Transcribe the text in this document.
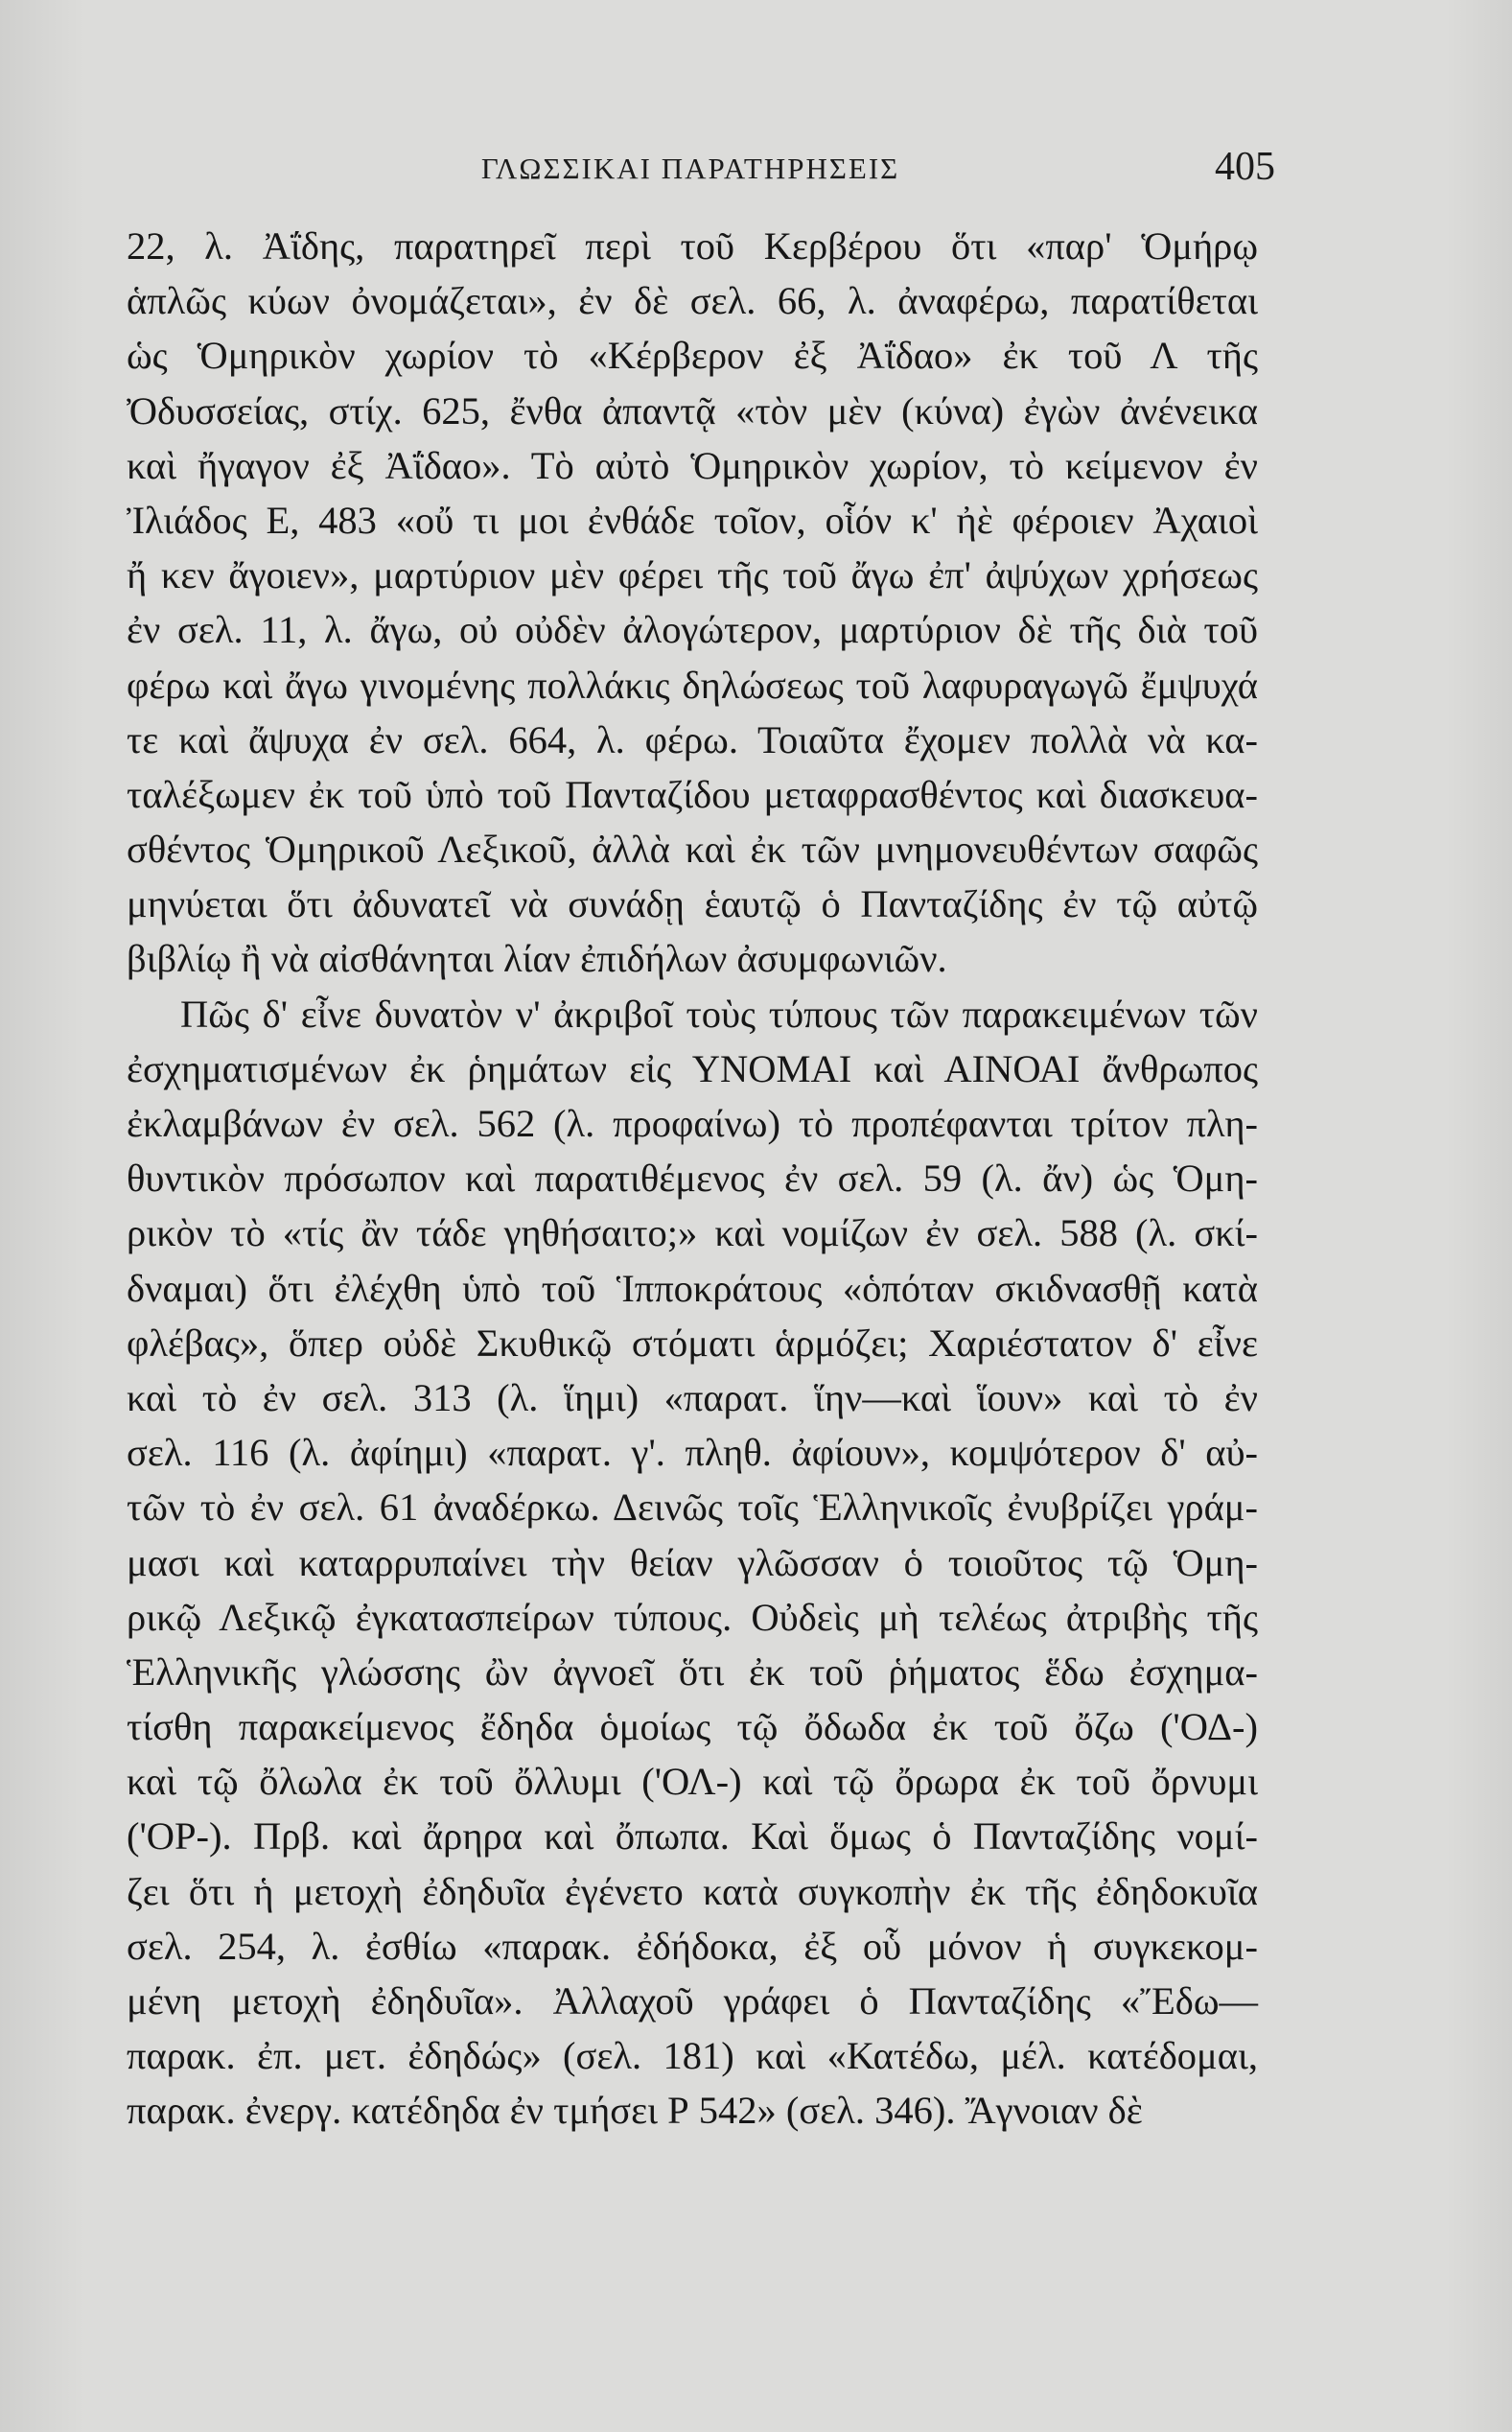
ΓΛΩΣΣΙΚΑΙ ΠΑΡΑΤΗΡΗΣΕΙΣ	405
22, λ. Ἀΐδης, παρατηρεῖ περὶ τοῦ Κερβέρου ὅτι «παρ' Ὁμήρῳ
ἁπλῶς κύων ὀνομάζεται», ἐν δὲ σελ. 66, λ. ἀναφέρω, παρατίθεται
ὡς Ὁμηρικὸν χωρίον τὸ «Κέρβερον ἐξ Ἀΐδαο» ἐκ τοῦ Λ τῆς
Ὀδυσσείας, στίχ. 625, ἔνθα ἀπαντᾷ «τὸν μὲν (κύνα) ἐγὼν ἀνένεικα
καὶ ἤγαγον ἐξ Ἀΐδαο». Τὸ αὐτὸ Ὁμηρικὸν χωρίον, τὸ κείμενον ἐν
Ἰλιάδος Ε, 483 «οὔ τι μοι ἐνθάδε τοῖον, οἷόν κ' ἠὲ φέροιεν Ἀχαιοὶ
ἤ κεν ἄγοιεν», μαρτύριον μὲν φέρει τῆς τοῦ ἄγω ἐπ' ἀψύχων χρήσεως
ἐν σελ. 11, λ. ἄγω, οὐ οὐδὲν ἀλογώτερον, μαρτύριον δὲ τῆς διὰ τοῦ
φέρω καὶ ἄγω γινομένης πολλάκις δηλώσεως τοῦ λαφυραγωγῶ ἔμψυχά
τε καὶ ἄψυχα ἐν σελ. 664, λ. φέρω. Τοιαῦτα ἔχομεν πολλὰ νὰ κα-
ταλέξωμεν ἐκ τοῦ ὑπὸ τοῦ Πανταζίδου μεταφρασθέντος καὶ διασκευα-
σθέντος Ὁμηρικοῦ Λεξικοῦ, ἀλλὰ καὶ ἐκ τῶν μνημονευθέντων σαφῶς
μηνύεται ὅτι ἀδυνατεῖ νὰ συνάδῃ ἑαυτῷ ὁ Πανταζίδης ἐν τῷ αὐτῷ
βιβλίῳ ἢ νὰ αἰσθάνηται λίαν ἐπιδήλων ἀσυμφωνιῶν.
Πῶς δ' εἶνε δυνατὸν ν' ἀκριβοῖ τοὺς τύπους τῶν παρακειμένων τῶν
ἐσχηματισμένων ἐκ ῥημάτων εἰς ΥΝΟΜΑΙ καὶ ΑΙΝΟΑΙ ἄνθρωπος
ἐκλαμβάνων ἐν σελ. 562 (λ. προφαίνω) τὸ προπέφανται τρίτον πλη-
θυντικὸν πρόσωπον καὶ παρατιθέμενος ἐν σελ. 59 (λ. ἄν) ὡς Ὁμη-
ρικὸν τὸ «τίς ἂν τάδε γηθήσαιτο;» καὶ νομίζων ἐν σελ. 588 (λ. σκί-
δναμαι) ὅτι ἐλέχθη ὑπὸ τοῦ Ἱπποκράτους «ὁπόταν σκιδνασθῇ κατὰ
φλέβας», ὅπερ οὐδὲ Σκυθικῷ στόματι ἁρμόζει; Χαριέστατον δ' εἶνε
καὶ τὸ ἐν σελ. 313 (λ. ἵημι) «παρατ. ἵην—καὶ ἵουν» καὶ τὸ ἐν
σελ. 116 (λ. ἀφίημι) «παρατ. γ'. πληθ. ἀφίουν», κομψότερον δ' αὐ-
τῶν τὸ ἐν σελ. 61 ἀναδέρκω. Δεινῶς τοῖς Ἑλληνικοῖς ἐνυβρίζει γράμ-
μασι καὶ καταρρυπαίνει τὴν θείαν γλῶσσαν ὁ τοιοῦτος τῷ Ὁμη-
ρικῷ Λεξικῷ ἐγκατασπείρων τύπους. Οὐδεὶς μὴ τελέως ἀτριβὴς τῆς
Ἑλληνικῆς γλώσσης ὢν ἀγνοεῖ ὅτι ἐκ τοῦ ῥήματος ἕδω ἐσχημα-
τίσθη παρακείμενος ἔδηδα ὁμοίως τῷ ὄδωδα ἐκ τοῦ ὄζω ('ΟΔ-)
καὶ τῷ ὄλωλα ἐκ τοῦ ὄλλυμι ('ΟΛ-) καὶ τῷ ὄρωρα ἐκ τοῦ ὄρνυμι
('ΟΡ-). Πρβ. καὶ ἄρηρα καὶ ὄπωπα. Καὶ ὅμως ὁ Πανταζίδης νομί-
ζει ὅτι ἡ μετοχὴ ἐδηδυῖα ἐγένετο κατὰ συγκοπὴν ἐκ τῆς ἐδηδοκυῖα
σελ. 254, λ. ἐσθίω «παρακ. ἐδήδοκα, ἐξ οὗ μόνον ἡ συγκεκομ-
μένη μετοχὴ ἐδηδυῖα». Ἀλλαχοῦ γράφει ὁ Πανταζίδης «Ἔδω—
παρακ. ἐπ. μετ. ἐδηδώς» (σελ. 181) καὶ «Κατέδω, μέλ. κατέδομαι,
παρακ. ἐνεργ. κατέδηδα ἐν τμήσει Ρ 542» (σελ. 346). Ἄγνοιαν δὲ
